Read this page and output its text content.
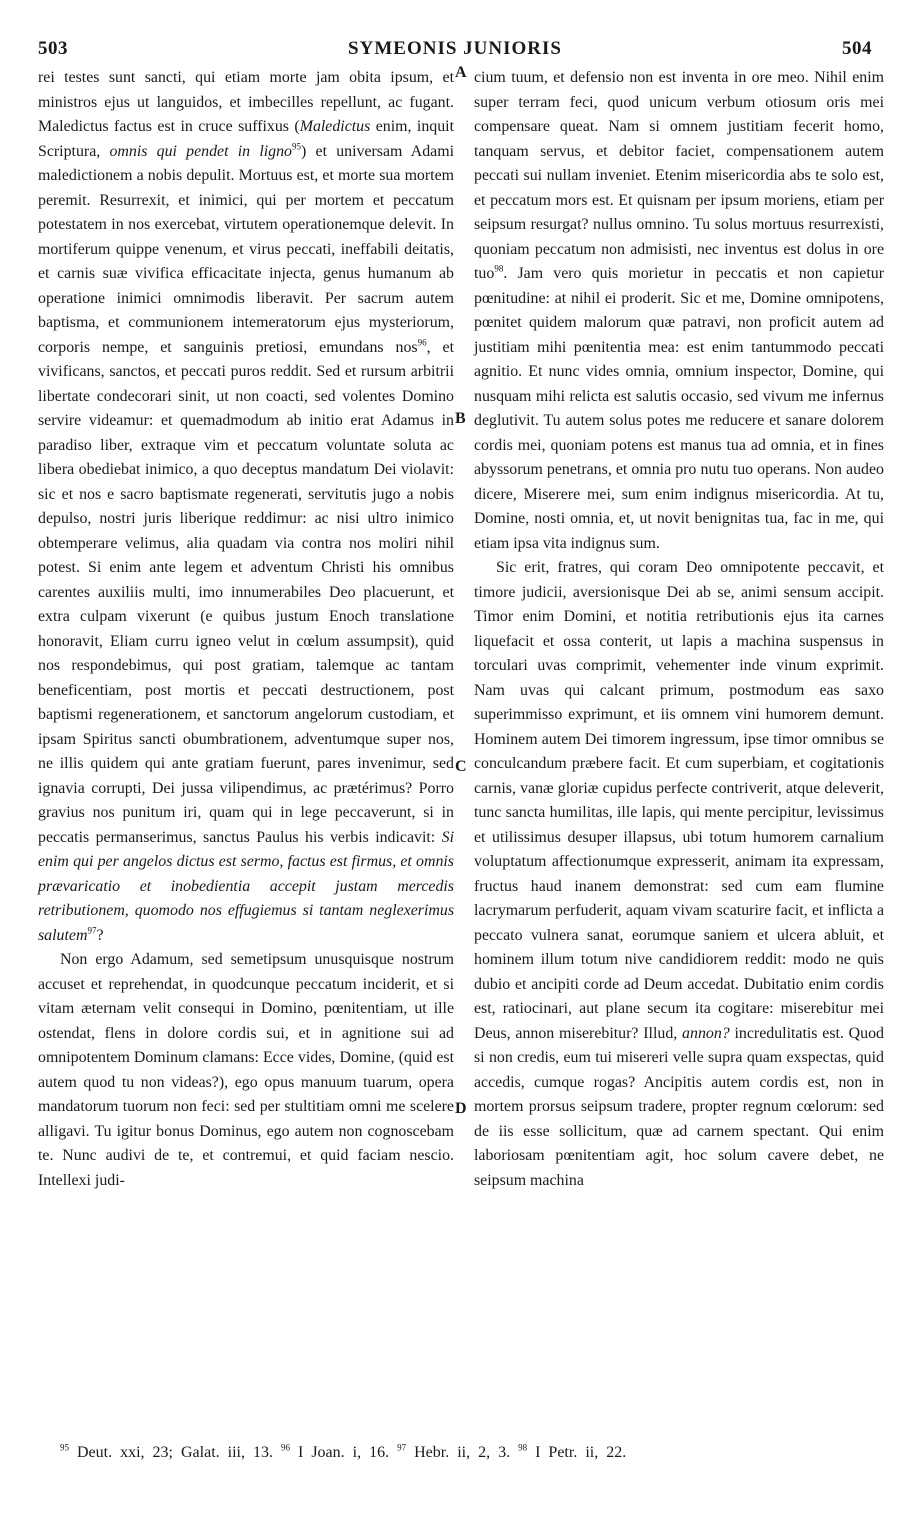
503	SYMEONIS JUNIORIS	504
A
B
C
D

rei testes sunt sancti, qui etiam morte jam obita ipsum, et ministros ejus ut languidos, et imbecilles repellunt, ac fugant. Maledictus factus est in cruce suffixus (Maledictus enim, inquit Scriptura, omnis qui pendet in ligno$^{95}$) et universam Adami maledictionem a nobis depulit. Mortuus est, et morte sua mortem peremit. Resurrexit, et inimici, qui per mortem et peccatum potestatem in nos exercebat, virtutem operationemque delevit. In mortiferum quippe venenum, et virus peccati, ineffabili deitatis, et carnis suæ vivifica efficacitate injecta, genus humanum ab operatione inimici omnimodis liberavit. Per sacrum autem baptisma, et communionem intemeratorum ejus mysteriorum, corporis nempe, et sanguinis pretiosi, emundans nos$^{96}$, et vivificans, sanctos, et peccati puros reddit. Sed et rursum arbitrii libertate condecorari sinit, ut non coacti, sed volentes Domino servire videamur: et quemadmodum ab initio erat Adamus in paradiso liber, extraque vim et peccatum voluntate soluta ac libera obediebat inimico, a quo deceptus mandatum Dei violavit: sic et nos e sacro baptismate regenerati, servitutis jugo a nobis depulso, nostri juris liberique reddimur: ac nisi ultro inimico obtemperare velimus, alia quadam via contra nos moliri nihil potest. Si enim ante legem et adventum Christi his omnibus carentes auxiliis multi, imo innumerabiles Deo placuerunt, et extra culpam vixerunt (e quibus justum Enoch translatione honoravit, Eliam curru igneo velut in cœlum assumpsit), quid nos respondebimus, qui post gratiam, talemque ac tantam beneficentiam, post mortis et peccati destructionem, post baptismi regenerationem, et sanctorum angelorum custodiam, et ipsam Spiritus sancti obumbrationem, adventumque super nos, ne illis quidem qui ante gratiam fuerunt, pares invenimur, sed ignavia corrupti, Dei jussa vilipendimus, ac prætérimus? Porro gravius nos punitum iri, quam qui in lege peccaverunt, si in peccatis permanserimus, sanctus Paulus his verbis indicavit: Si enim qui per angelos dictus est sermo, factus est firmus, et omnis prævaricatio et inobedientia accepit justam mercedis retributionem, quomodo nos effugiemus si tantam neglexerimus salutem$^{97}$?

Non ergo Adamum, sed semetipsum unusquisque nostrum accuset et reprehendat, in quodcunque peccatum inciderit, et si vitam æternam velit consequi in Domino, pœnitentiam, ut ille ostendat, flens in dolore cordis sui, et in agnitione sui ad omnipotentem Dominum clamans: Ecce vides, Domine, (quid est autem quod tu non videas?), ego opus manuum tuarum, opera mandatorum tuorum non feci: sed per stultitiam omni me scelere alligavi. Tu igitur bonus Dominus, ego autem non cognoscebam te. Nunc audivi de te, et contremui, et quid faciam nescio. Intellexi judi-

cium tuum, et defensio non est inventa in ore meo. Nihil enim super terram feci, quod unicum verbum otiosum oris mei compensare queat. Nam si omnem justitiam fecerit homo, tanquam servus, et debitor faciet, compensationem autem peccati sui nullam inveniet. Etenim misericordia abs te solo est, et peccatum mors est. Et quisnam per ipsum moriens, etiam per seipsum resurgat? nullus omnino. Tu solus mortuus resurrexisti, quoniam peccatum non admisisti, nec inventus est dolus in ore tuo$^{98}$. Jam vero quis morietur in peccatis et non capietur pœnitudine: at nihil ei proderit. Sic et me, Domine omnipotens, pœnitet quidem malorum quæ patravi, non proficit autem ad justitiam mihi pœnitentia mea: est enim tantummodo peccati agnitio. Et nunc vides omnia, omnium inspector, Domine, qui nusquam mihi relicta est salutis occasio, sed vivum me infernus deglutivit. Tu autem solus potes me reducere et sanare dolorem cordis mei, quoniam potens est manus tua ad omnia, et in fines abyssorum penetrans, et omnia pro nutu tuo operans. Non audeo dicere, Miserere mei, sum enim indignus misericordia. At tu, Domine, nosti omnia, et, ut novit benignitas tua, fac in me, qui etiam ipsa vita indignus sum.

Sic erit, fratres, qui coram Deo omnipotente peccavit, et timore judicii, aversionisque Dei ab se, animi sensum accipit. Timor enim Domini, et notitia retributionis ejus ita carnes liquefacit et ossa conterit, ut lapis a machina suspensus in torculari uvas comprimit, vehementer inde vinum exprimit. Nam uvas qui calcant primum, postmodum eas saxo superimmisso exprimunt, et iis omnem vini humorem demunt. Hominem autem Dei timorem ingressum, ipse timor omnibus se conculcandum præbere facit. Et cum superbiam, et cogitationis carnis, vanæ gloriæ cupidus perfecte contriverit, atque deleverit, tunc sancta humilitas, ille lapis, qui mente percipitur, levissimus et utilissimus desuper illapsus, ubi totum humorem carnalium voluptatum affectionumque expresserit, animam ita expressam, fructus haud inanem demonstrat: sed cum eam flumine lacrymarum perfuderit, aquam vivam scaturire facit, et inflicta a peccato vulnera sanat, eorumque saniem et ulcera abluit, et hominem illum totum nive candidiorem reddit: modo ne quis dubio et ancipiti corde ad Deum accedat. Dubitatio enim cordis est, ratiocinari, aut plane secum ita cogitare: miserebitur mei Deus, annon miserebitur? Illud, annon? incredulitatis est. Quod si non credis, eum tui misereri velle supra quam exspectas, quid accedis, cumque rogas? Ancipitis autem cordis est, non in mortem prorsus seipsum tradere, propter regnum cœlorum: sed de iis esse sollicitum, quæ ad carnem spectant. Qui enim laboriosam pœnitentiam agit, hoc solum cavere debet, ne seipsum machina

$^{95}$ Deut. xxi, 23; Galat. iii, 13. $^{96}$ I Joan. i, 16. $^{97}$ Hebr. ii, 2, 3. $^{98}$ I Petr. ii, 22.
